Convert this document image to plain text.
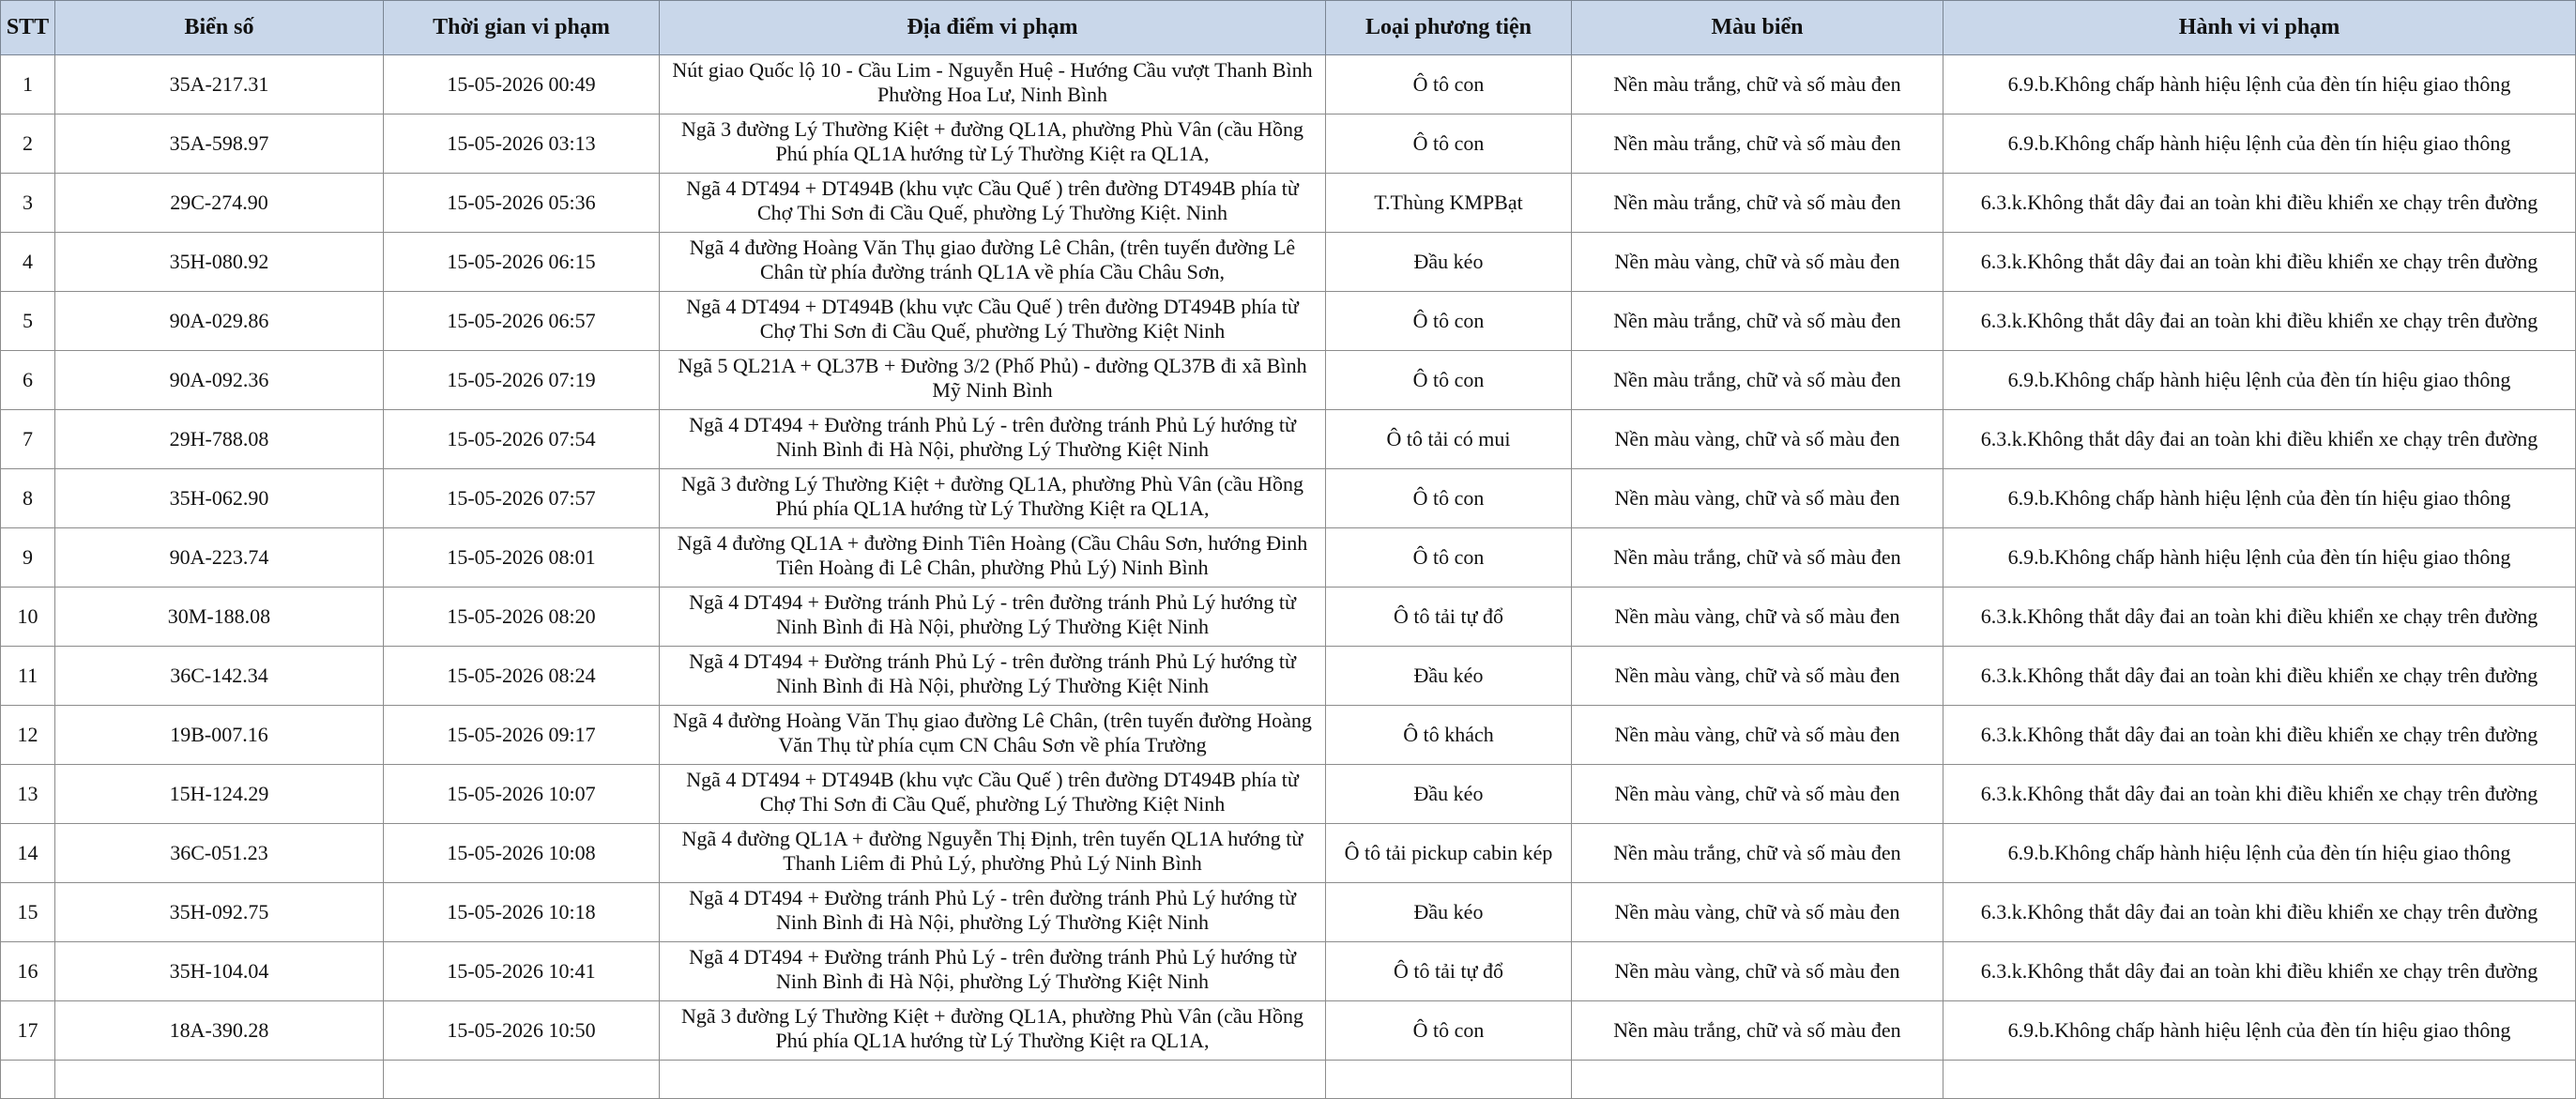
STT	Biển số	Thời gian vi phạm	Địa điểm vi phạm	Loại phương tiện	Màu biển	Hành vi vi phạm
1	35A-217.31	15-05-2026 00:49	Nút giao Quốc lộ 10 - Cầu Lim - Nguyễn Huệ - Hướng Cầu vượt Thanh Bình Phường Hoa Lư, Ninh Bình	Ô tô con	Nền màu trắng, chữ và số màu đen	6.9.b.Không chấp hành hiệu lệnh của đèn tín hiệu giao thông
2	35A-598.97	15-05-2026 03:13	Ngã 3 đường Lý Thường Kiệt + đường QL1A, phường Phù Vân (cầu Hồng Phú phía QL1A hướng từ Lý Thường Kiệt ra QL1A,	Ô tô con	Nền màu trắng, chữ và số màu đen	6.9.b.Không chấp hành hiệu lệnh của đèn tín hiệu giao thông
3	29C-274.90	15-05-2026 05:36	Ngã 4 DT494 + DT494B (khu vực Cầu Quế ) trên đường DT494B phía từ Chợ Thi Sơn đi Cầu Quế, phường Lý Thường Kiệt. Ninh	T.Thùng KMPBạt	Nền màu trắng, chữ và số màu đen	6.3.k.Không thắt dây đai an toàn khi điều khiển xe chạy trên đường
4	35H-080.92	15-05-2026 06:15	Ngã 4 đường Hoàng Văn Thụ giao đường Lê Chân, (trên tuyến đường Lê Chân từ phía đường tránh QL1A về phía Cầu Châu Sơn,	Đầu kéo	Nền màu vàng, chữ và số màu đen	6.3.k.Không thắt dây đai an toàn khi điều khiển xe chạy trên đường
5	90A-029.86	15-05-2026 06:57	Ngã 4 DT494 + DT494B (khu vực Cầu Quế ) trên đường DT494B phía từ Chợ Thi Sơn đi Cầu Quế, phường Lý Thường Kiệt Ninh	Ô tô con	Nền màu trắng, chữ và số màu đen	6.3.k.Không thắt dây đai an toàn khi điều khiển xe chạy trên đường
6	90A-092.36	15-05-2026 07:19	Ngã 5 QL21A + QL37B + Đường 3/2 (Phố Phủ) - đường QL37B đi xã Bình Mỹ Ninh Bình	Ô tô con	Nền màu trắng, chữ và số màu đen	6.9.b.Không chấp hành hiệu lệnh của đèn tín hiệu giao thông
7	29H-788.08	15-05-2026 07:54	Ngã 4 DT494 + Đường tránh Phủ Lý - trên đường tránh Phủ Lý hướng từ Ninh Bình đi Hà Nội, phường Lý Thường Kiệt Ninh	Ô tô tải có mui	Nền màu vàng, chữ và số màu đen	6.3.k.Không thắt dây đai an toàn khi điều khiển xe chạy trên đường
8	35H-062.90	15-05-2026 07:57	Ngã 3 đường Lý Thường Kiệt + đường QL1A, phường Phù Vân (cầu Hồng Phú phía QL1A hướng từ Lý Thường Kiệt ra QL1A,	Ô tô con	Nền màu vàng, chữ và số màu đen	6.9.b.Không chấp hành hiệu lệnh của đèn tín hiệu giao thông
9	90A-223.74	15-05-2026 08:01	Ngã 4 đường QL1A + đường Đinh Tiên Hoàng (Cầu Châu Sơn, hướng Đinh Tiên Hoàng đi Lê Chân, phường Phủ Lý) Ninh Bình	Ô tô con	Nền màu trắng, chữ và số màu đen	6.9.b.Không chấp hành hiệu lệnh của đèn tín hiệu giao thông
10	30M-188.08	15-05-2026 08:20	Ngã 4 DT494 + Đường tránh Phủ Lý - trên đường tránh Phủ Lý hướng từ Ninh Bình đi Hà Nội, phường Lý Thường Kiệt Ninh	Ô tô tải tự đổ	Nền màu vàng, chữ và số màu đen	6.3.k.Không thắt dây đai an toàn khi điều khiển xe chạy trên đường
11	36C-142.34	15-05-2026 08:24	Ngã 4 DT494 + Đường tránh Phủ Lý - trên đường tránh Phủ Lý hướng từ Ninh Bình đi Hà Nội, phường Lý Thường Kiệt Ninh	Đầu kéo	Nền màu vàng, chữ và số màu đen	6.3.k.Không thắt dây đai an toàn khi điều khiển xe chạy trên đường
12	19B-007.16	15-05-2026 09:17	Ngã 4 đường Hoàng Văn Thụ giao đường Lê Chân, (trên tuyến đường Hoàng Văn Thụ từ phía cụm CN Châu Sơn về phía Trường	Ô tô khách	Nền màu vàng, chữ và số màu đen	6.3.k.Không thắt dây đai an toàn khi điều khiển xe chạy trên đường
13	15H-124.29	15-05-2026 10:07	Ngã 4 DT494 + DT494B (khu vực Cầu Quế ) trên đường DT494B phía từ Chợ Thi Sơn đi Cầu Quế, phường Lý Thường Kiệt Ninh	Đầu kéo	Nền màu vàng, chữ và số màu đen	6.3.k.Không thắt dây đai an toàn khi điều khiển xe chạy trên đường
14	36C-051.23	15-05-2026 10:08	Ngã 4 đường QL1A + đường Nguyễn Thị Định, trên tuyến QL1A hướng từ Thanh Liêm đi Phủ Lý, phường Phủ Lý Ninh Bình	Ô tô tải pickup cabin kép	Nền màu trắng, chữ và số màu đen	6.9.b.Không chấp hành hiệu lệnh của đèn tín hiệu giao thông
15	35H-092.75	15-05-2026 10:18	Ngã 4 DT494 + Đường tránh Phủ Lý - trên đường tránh Phủ Lý hướng từ Ninh Bình đi Hà Nội, phường Lý Thường Kiệt Ninh	Đầu kéo	Nền màu vàng, chữ và số màu đen	6.3.k.Không thắt dây đai an toàn khi điều khiển xe chạy trên đường
16	35H-104.04	15-05-2026 10:41	Ngã 4 DT494 + Đường tránh Phủ Lý - trên đường tránh Phủ Lý hướng từ Ninh Bình đi Hà Nội, phường Lý Thường Kiệt Ninh	Ô tô tải tự đổ	Nền màu vàng, chữ và số màu đen	6.3.k.Không thắt dây đai an toàn khi điều khiển xe chạy trên đường
17	18A-390.28	15-05-2026 10:50	Ngã 3 đường Lý Thường Kiệt + đường QL1A, phường Phù Vân (cầu Hồng Phú phía QL1A hướng từ Lý Thường Kiệt ra QL1A,	Ô tô con	Nền màu trắng, chữ và số màu đen	6.9.b.Không chấp hành hiệu lệnh của đèn tín hiệu giao thông
